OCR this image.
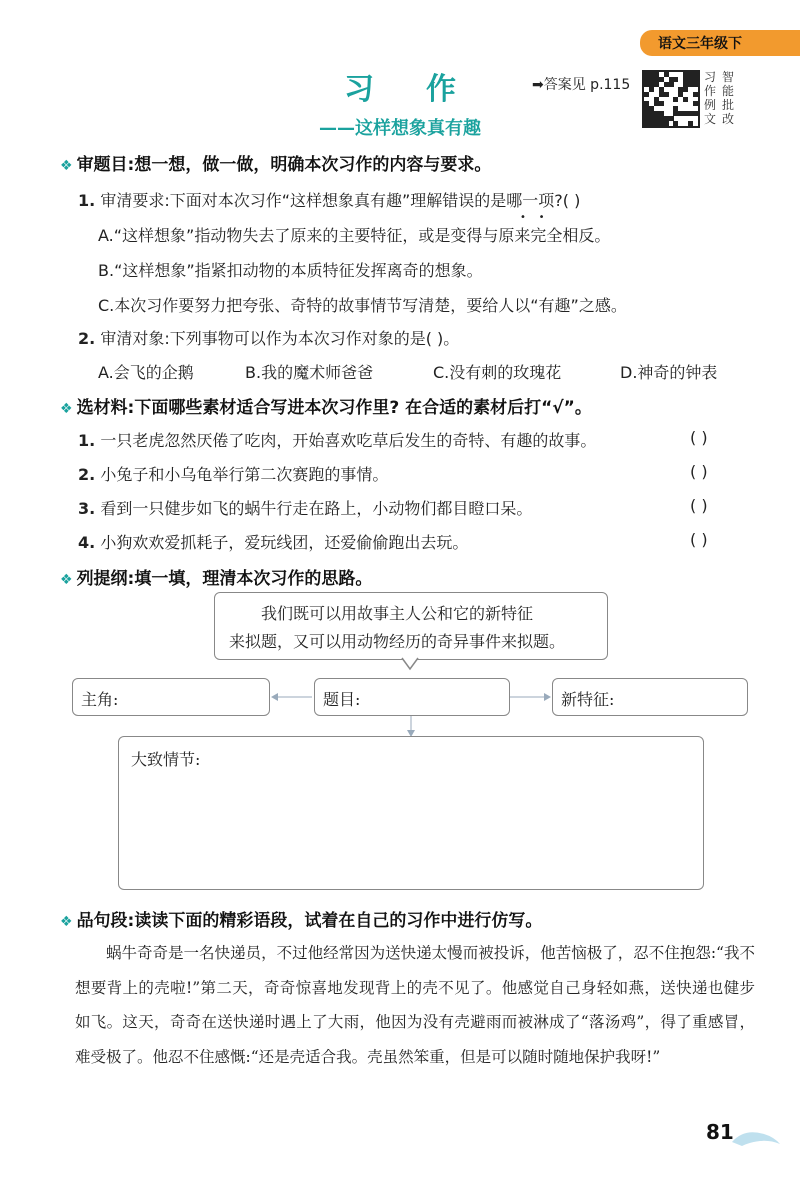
语文三年级下
习作
——这样想象真有趣
➡答案见 p.115	习 智
作 能
例 批
文 改
❖ 审题目:想一想，做一做，明确本次习作的内容与要求。
1. 审清要求:下面对本次习作“这样想象真有趣”理解错误的是哪一项?( )
A.“这样想象”指动物失去了原来的主要特征，或是变得与原来完全相反。
•    •
B.“这样想象”指紧扣动物的本质特征发挥离奇的想象。
C.本次习作要努力把夸张、奇特的故事情节写清楚，要给人以“有趣”之感。
2. 审清对象:下列事物可以作为本次习作对象的是( )。
A.会飞的企鹅	B.我的魔术师爸爸	C.没有刺的玫瑰花	D.神奇的钟表
❖ 选材料:下面哪些素材适合写进本次习作里? 在合适的素材后打“√”。
1. 一只老虎忽然厌倦了吃肉，开始喜欢吃草后发生的奇特、有趣的故事。	( )
2. 小兔子和小乌龟举行第二次赛跑的事情。	( )
3. 看到一只健步如飞的蜗牛行走在路上，小动物们都目瞪口呆。	( )
4. 小狗欢欢爱抓耗子，爱玩线团，还爱偷偷跑出去玩。	( )
❖ 列提纲:填一填，理清本次习作的思路。
我们既可以用故事主人公和它的新特征
来拟题，又可以用动物经历的奇异事件来拟题。
主角:	题目:	新特征:
大致情节:
❖ 品句段:读读下面的精彩语段，试着在自己的习作中进行仿写。

蜗牛奇奇是一名快递员，不过他经常因为送快递太慢而被投诉，他苦恼极了，忍不住抱怨:“我不想要背上的壳啦!”第二天，奇奇惊喜地发现背上的壳不见了。他感觉自己身轻如燕，送快递也健步如飞。这天，奇奇在送快递时遇上了大雨，他因为没有壳避雨而被淋成了“落汤鸡”，得了重感冒，难受极了。他忍不住感慨:“还是壳适合我。壳虽然笨重，但是可以随时随地保护我呀!”

81
